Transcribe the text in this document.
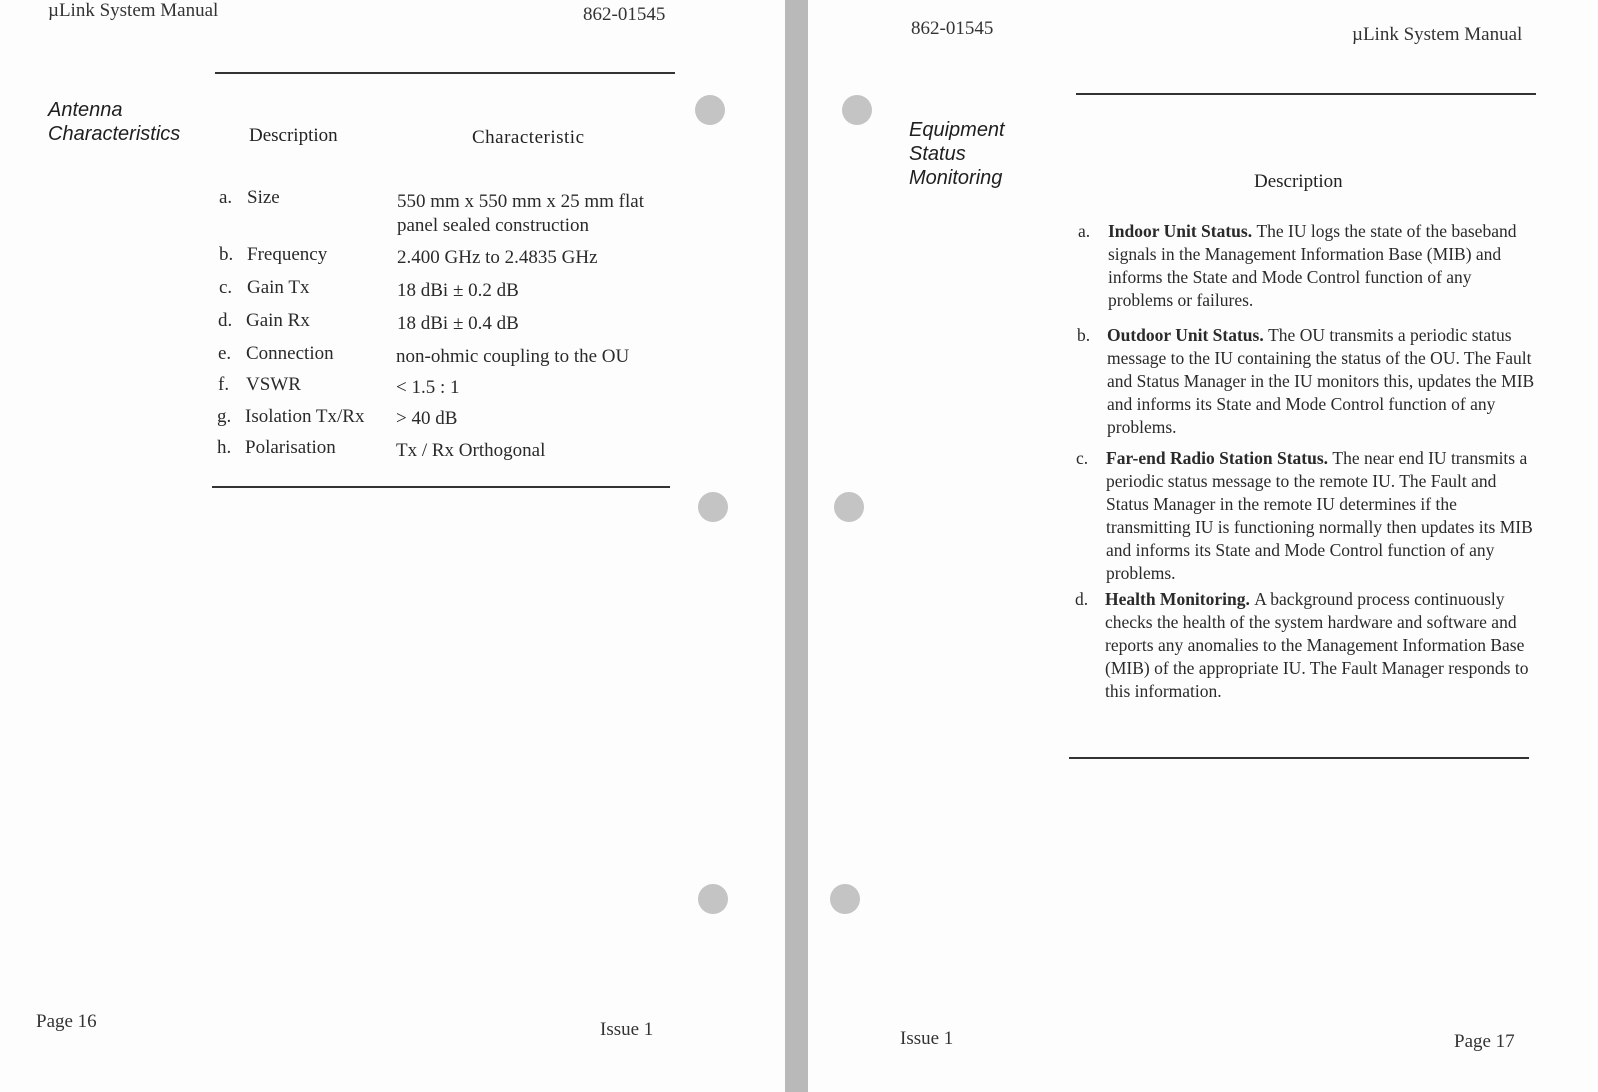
µLink System Manual	862-01545
Antenna
Characteristics	Description	Characteristic
a. Size	550 mm x 550 mm x 25 mm flat panel sealed construction
b. Frequency	2.400 GHz to 2.4835 GHz
c. Gain Tx	18 dBi ± 0.2 dB
d. Gain Rx	18 dBi ± 0.4 dB
e. Connection	non-ohmic coupling to the OU
f. VSWR	< 1.5 : 1
g. Isolation Tx/Rx > 40 dB
h. Polarisation	Tx / Rx Orthogonal
Page 16	Issue 1
862-01545	µLink System Manual
Equipment
Status
Monitoring	Description
a. Indoor Unit Status. The IU logs the state of the baseband signals in the Management Information Base (MIB) and informs the State and Mode Control function of any problems or failures.
b. Outdoor Unit Status. The OU transmits a periodic status message to the IU containing the status of the OU. The Fault and Status Manager in the IU monitors this, updates the MIB and informs its State and Mode Control function of any problems.
c. Far-end Radio Station Status. The near end IU transmits a periodic status message to the remote IU. The Fault and Status Manager in the remote IU determines if the transmitting IU is functioning normally then updates its MIB and informs its State and Mode Control function of any problems.
d. Health Monitoring. A background process continuously checks the health of the system hardware and software and reports any anomalies to the Management Information Base (MIB) of the appropriate IU. The Fault Manager responds to this information.
Issue 1	Page 17
